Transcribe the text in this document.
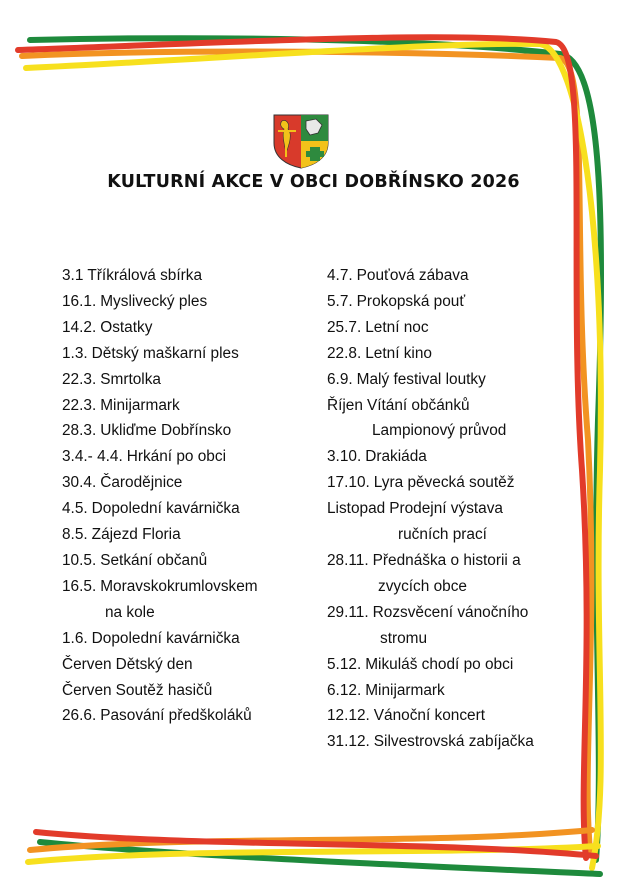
KULTURNÍ AKCE V OBCI DOBŘÍNSKO 2026
3.1 Tříkrálová sbírka
16.1. Myslivecký ples
14.2. Ostatky
1.3. Dětský maškarní ples
22.3. Smrtolka
22.3. Minijarmark
28.3. Ukliďme Dobřínsko
3.4.- 4.4. Hrkání po obci
30.4. Čarodějnice
4.5. Dopolední kavárnička
8.5. Zájezd Floria
10.5. Setkání občanů
16.5. Moravskokrumlovskem
na kole
1.6. Dopolední kavárnička
Červen Dětský den
Červen Soutěž hasičů
26.6. Pasování předškoláků
4.7. Pouťová zábava
5.7. Prokopská pouť
25.7. Letní noc
22.8. Letní kino
6.9. Malý festival loutky
Říjen Vítání občánků
Lampionový průvod
3.10. Drakiáda
17.10. Lyra pěvecká soutěž
Listopad Prodejní výstava
ručních prací
28.11. Přednáška o historii a
zvycích obce
29.11. Rozsvěcení vánočního
stromu
5.12. Mikuláš chodí po obci
6.12. Minijarmark
12.12. Vánoční koncert
31.12. Silvestrovská zabíjačka
